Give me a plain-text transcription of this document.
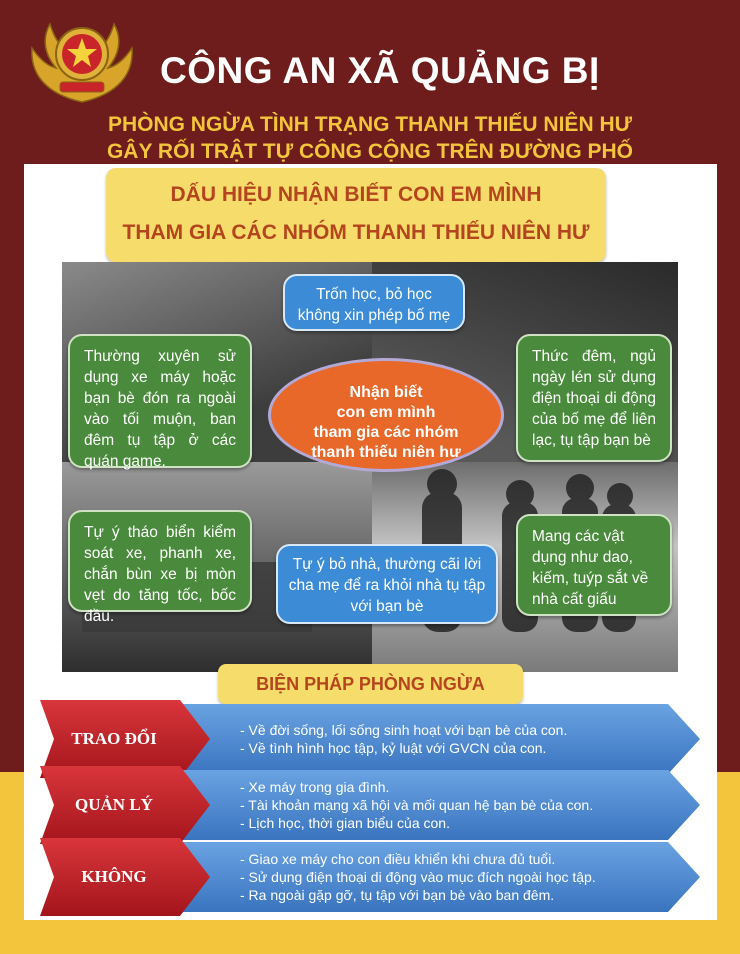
CÔNG AN XÃ QUẢNG BỊ
PHÒNG NGỪA TÌNH TRẠNG THANH THIẾU NIÊN HƯ
GÂY RỐI TRẬT TỰ CÔNG CỘNG TRÊN ĐƯỜNG PHỐ
DẤU HIỆU NHẬN BIẾT CON EM MÌNH
THAM GIA CÁC NHÓM THANH THIẾU NIÊN HƯ
Trốn học, bỏ học
không xin phép bố mẹ
Thường xuyên sử dụng xe máy hoặc bạn bè đón ra ngoài vào tối muộn, ban đêm tụ tập ở các quán game.
Thức đêm, ngủ ngày lén sử dụng điện thoại di động của bố mẹ để liên lạc, tụ tập bạn bè
Nhận biết
con em mình
tham gia các nhóm
thanh thiếu niên hư
Tự ý tháo biển kiểm soát xe, phanh xe, chắn bùn xe bị mòn vẹt do tăng tốc, bốc đầu.
Tự ý bỏ nhà, thường cãi lời
cha mẹ để ra khỏi nhà tụ tập
với bạn bè
Mang các vật dụng như dao, kiếm, tuýp sắt về nhà cất giấu
BIỆN PHÁP PHÒNG NGỪA
- Về đời sống, lối sống sinh hoạt với bạn bè của con.
- Về tình hình học tập, kỷ luật với GVCN của con.
TRAO ĐỔI
- Xe máy trong gia đình.
- Tài khoản mạng xã hội và mối quan hệ bạn bè của con.
- Lịch học, thời gian biểu của con.
QUẢN LÝ
- Giao xe máy cho con điều khiển khi chưa đủ tuổi.
- Sử dụng điện thoại di động vào mục đích ngoài học tập.
- Ra ngoài gặp gỡ, tụ tập với bạn bè vào ban đêm.
KHÔNG
